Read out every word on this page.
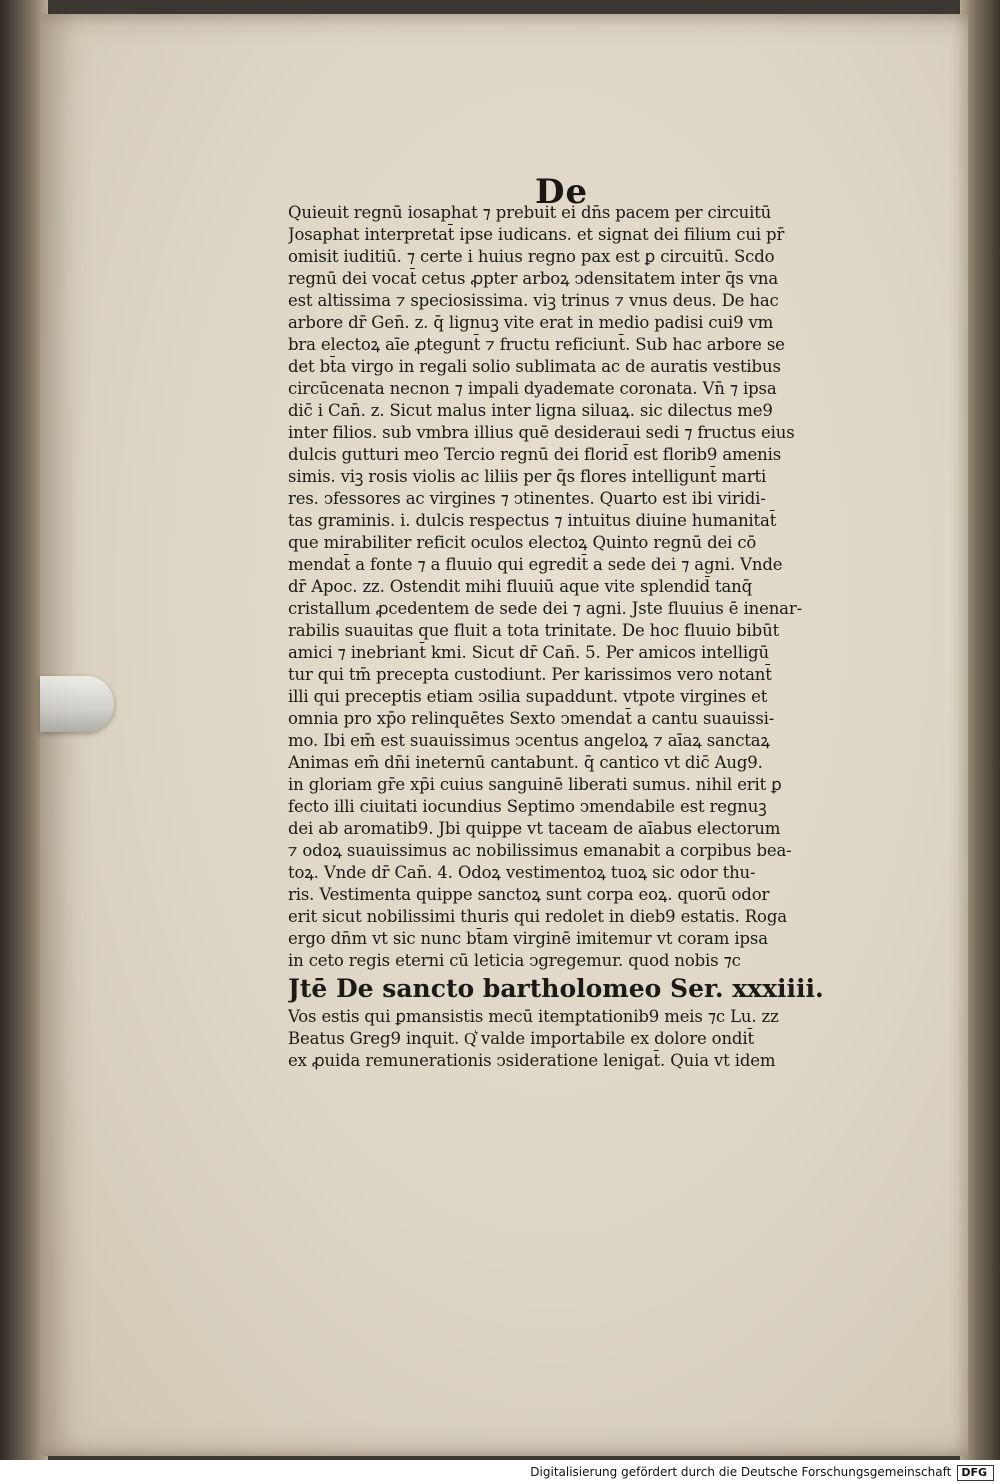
De
Quieuit regnū iosaphat ⁊ prebuit ei dn̄s pacem per circuitū
Josaphat interpretat̄ ipse iudicans. et signat dei filium cui pr̄
omisit iuditiū. ⁊ certe i huius regno pax est ꝑ circuitū. Scdo
regnū dei vocat̄ cetus ꝓpter arboꝝ ↄdensitatem inter q̄s vna
est altissima ⁊ speciosissima. viꝫ trinus ⁊ vnus deus. De hac
arbore dr̄ Gen̄. z. q̄ lignuꝫ vite erat in medio padisi cui9 vm
bra electoꝝ aīe ꝓtegunt̄ ⁊ fructu reficiunt̄. Sub hac arbore se
det bt̄a virgo in regali solio sublimata ac de auratis vestibus
circūcenata necnon ⁊ impali dyademate coronata. Vn̄ ⁊ ipsa
dic̄ i Can̄. z. Sicut malus inter ligna siluaꝝ. sic dilectus me9
inter filios. sub vmbra illius quē desideraui sedi ⁊ fructus eius
dulcis gutturi meo Tercio regnū dei florid̄ est florib9 amenis
simis. viꝫ rosis violis ac liliis per q̄s flores intelligunt̄ marti
res. ↄfessores ac virgines ⁊ ↄtinentes. Quarto est ibi viridi-
tas graminis. i. dulcis respectus ⁊ intuitus diuine humanitat̄
que mirabiliter reficit oculos electoꝝ Quinto regnū dei cō
mendat̄ a fonte ⁊ a fluuio qui egredit̄ a sede dei ⁊ agni. Vnde
dr̄ Apoc. zz. Ostendit mihi fluuiū aque vite splendid̄ tanq̄
cristallum ꝓcedentem de sede dei ⁊ agni. Jste fluuius ē inenar-
rabilis suauitas que fluit a tota trinitate. De hoc fluuio bibūt
amici ⁊ inebriant̄ kmi. Sicut dr̄ Can̄. 5. Per amicos intelligū
tur qui tm̄ precepta custodiunt. Per karissimos vero notant̄
illi qui preceptis etiam ↄsilia supaddunt. vtpote virgines et
omnia pro xp̄o relinquētes Sexto ↄmendat̄ a cantu suauissi-
mo. Ibi em̄ est suauissimus ↄcentus angeloꝝ ⁊ aīaꝝ sanctaꝝ
Animas em̄ dn̄i ineternū cantabunt. q̄ cantico vt dic̄ Aug9.
in gloriam gr̄e xp̄i cuius sanguinē liberati sumus. nihil erit ꝑ
fecto illi ciuitati iocundius Septimo ↄmendabile est regnuꝫ
dei ab aromatib9. Jbi quippe vt taceam de aīabus electorum
⁊ odoꝝ suauissimus ac nobilissimus emanabit a corpibus bea-
toꝝ. Vnde dr̄ Can̄. 4. Odoꝝ vestimentoꝝ tuoꝝ sic odor thu-
ris. Vestimenta quippe sanctoꝝ sunt corpa eoꝝ. quorū odor
erit sicut nobilissimi thuris qui redolet in dieb9 estatis. Roga
ergo dn̄m vt sic nunc bt̄am virginē imitemur vt coram ipsa
in ceto regis eterni cū leticia ↄgregemur. quod nobis ⁊c
Jtē De sancto bartholomeo Ser. xxxiiii.
Vos estis qui ꝑmansistis mecū itemptationib9 meis ⁊c Lu. zz
Beatus Greg9 inquit. Q͛ valde importabile ex dolore ondit̄
ex ꝓuida remunerationis ↄsideratione lenigat̄. Quia vt idem
Digitalisierung gefördert durch die Deutsche Forschungsgemeinschaft DFG
